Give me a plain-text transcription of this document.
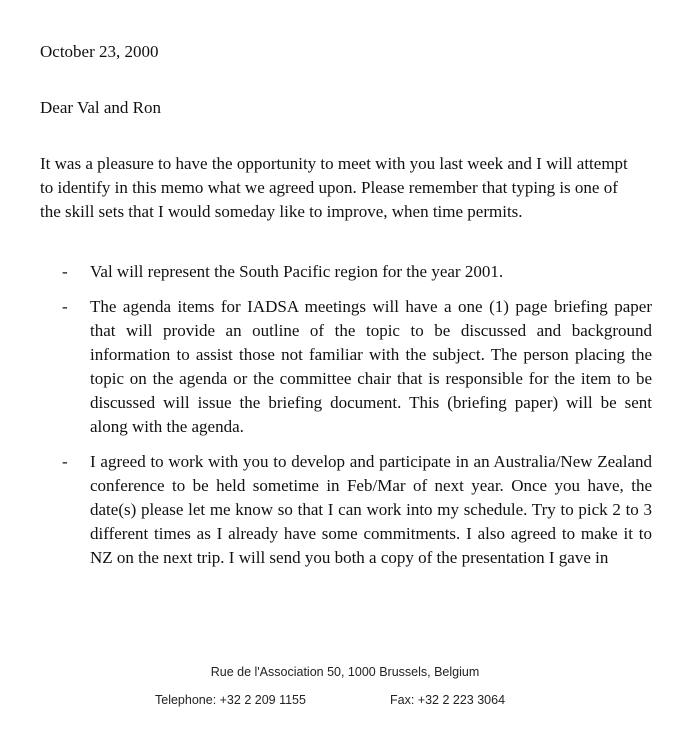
October 23, 2000
Dear Val and Ron

It was a pleasure to have the opportunity to meet with you last week and I will attempt to identify in this memo what we agreed upon. Please remember that typing is one of the skill sets that I would someday like to improve, when time permits.

-	Val will represent the South Pacific region for the year 2001.
-	The agenda items for IADSA meetings will have a one (1) page briefing paper that will provide an outline of the topic to be discussed and background information to assist those not familiar with the subject. The person placing the topic on the agenda or the committee chair that is responsible for the item to be discussed will issue the briefing document. This (briefing paper) will be sent along with the agenda.
-	I agreed to work with you to develop and participate in an Australia/New Zealand conference to be held sometime in Feb/Mar of next year. Once you have, the date(s) please let me know so that I can work into my schedule. Try to pick 2 to 3 different times as I already have some commitments. I also agreed to make it to NZ on the next trip. I will send you both a copy of the presentation I gave in
Rue de l'Association 50, 1000 Brussels, Belgium
Telephone: +32 2 209 1155	Fax: +32 2 223 3064
